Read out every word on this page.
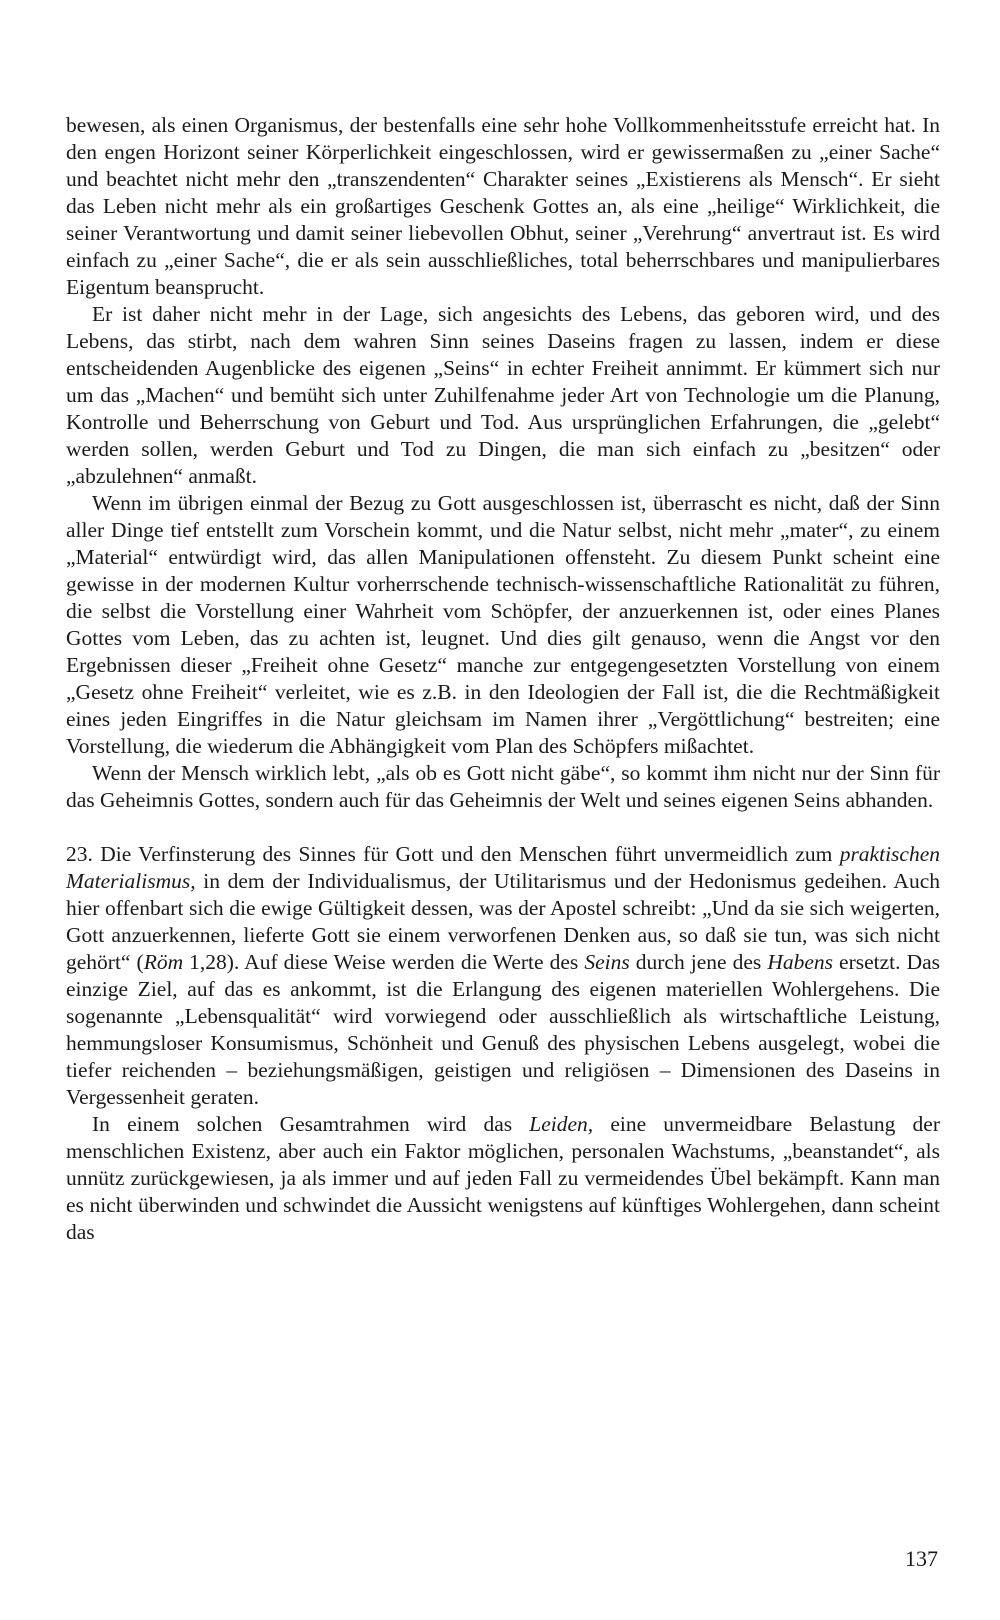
bewesen, als einen Organismus, der bestenfalls eine sehr hohe Vollkommenheitsstufe erreicht hat. In den engen Horizont seiner Körperlichkeit eingeschlossen, wird er gewissermaßen zu „einer Sache“ und beachtet nicht mehr den „transzendenten“ Charakter seines „Existierens als Mensch“. Er sieht das Leben nicht mehr als ein großartiges Geschenk Gottes an, als eine „heilige“ Wirklichkeit, die seiner Verantwortung und damit seiner liebevollen Obhut, seiner „Verehrung“ anvertraut ist. Es wird einfach zu „einer Sache“, die er als sein ausschließliches, total beherrschbares und manipulierbares Eigentum beansprucht.

Er ist daher nicht mehr in der Lage, sich angesichts des Lebens, das geboren wird, und des Lebens, das stirbt, nach dem wahren Sinn seines Daseins fragen zu lassen, indem er diese entscheidenden Augenblicke des eigenen „Seins“ in echter Freiheit annimmt. Er kümmert sich nur um das „Machen“ und bemüht sich unter Zuhilfenahme jeder Art von Technologie um die Planung, Kontrolle und Beherrschung von Geburt und Tod. Aus ursprünglichen Erfahrungen, die „gelebt“ werden sollen, werden Geburt und Tod zu Dingen, die man sich einfach zu „besitzen“ oder „abzulehnen“ anmaßt.

Wenn im übrigen einmal der Bezug zu Gott ausgeschlossen ist, überrascht es nicht, daß der Sinn aller Dinge tief entstellt zum Vorschein kommt, und die Natur selbst, nicht mehr „mater“, zu einem „Material“ entwürdigt wird, das allen Manipulationen offensteht. Zu diesem Punkt scheint eine gewisse in der modernen Kultur vorherrschende technisch-wissenschaftliche Rationalität zu führen, die selbst die Vorstellung einer Wahrheit vom Schöpfer, der anzuerkennen ist, oder eines Planes Gottes vom Leben, das zu achten ist, leugnet. Und dies gilt genauso, wenn die Angst vor den Ergebnissen dieser „Freiheit ohne Gesetz“ manche zur entgegengesetzten Vorstellung von einem „Gesetz ohne Freiheit“ verleitet, wie es z.B. in den Ideologien der Fall ist, die die Rechtmäßigkeit eines jeden Eingriffes in die Natur gleichsam im Namen ihrer „Vergöttlichung“ bestreiten; eine Vorstellung, die wiederum die Abhängigkeit vom Plan des Schöpfers mißachtet.

Wenn der Mensch wirklich lebt, „als ob es Gott nicht gäbe“, so kommt ihm nicht nur der Sinn für das Geheimnis Gottes, sondern auch für das Geheimnis der Welt und seines eigenen Seins abhanden.

23. Die Verfinsterung des Sinnes für Gott und den Menschen führt unvermeidlich zum praktischen Materialismus, in dem der Individualismus, der Utilitarismus und der Hedonismus gedeihen. Auch hier offenbart sich die ewige Gültigkeit dessen, was der Apostel schreibt: „Und da sie sich weigerten, Gott anzuerkennen, lieferte Gott sie einem verworfenen Denken aus, so daß sie tun, was sich nicht gehört“ (Röm 1,28). Auf diese Weise werden die Werte des Seins durch jene des Habens ersetzt. Das einzige Ziel, auf das es ankommt, ist die Erlangung des eigenen materiellen Wohlergehens. Die sogenannte „Lebensqualität“ wird vorwiegend oder ausschließlich als wirtschaftliche Leistung, hemmungsloser Konsumismus, Schönheit und Genuß des physischen Lebens ausgelegt, wobei die tiefer reichenden – beziehungsmäßigen, geistigen und religiösen – Dimensionen des Daseins in Vergessenheit geraten.

In einem solchen Gesamtrahmen wird das Leiden, eine unvermeidbare Belastung der menschlichen Existenz, aber auch ein Faktor möglichen, personalen Wachstums, „beanstandet“, als unnütz zurückgewiesen, ja als immer und auf jeden Fall zu vermeidendes Übel bekämpft. Kann man es nicht überwinden und schwindet die Aussicht wenigstens auf künftiges Wohlergehen, dann scheint das

137
